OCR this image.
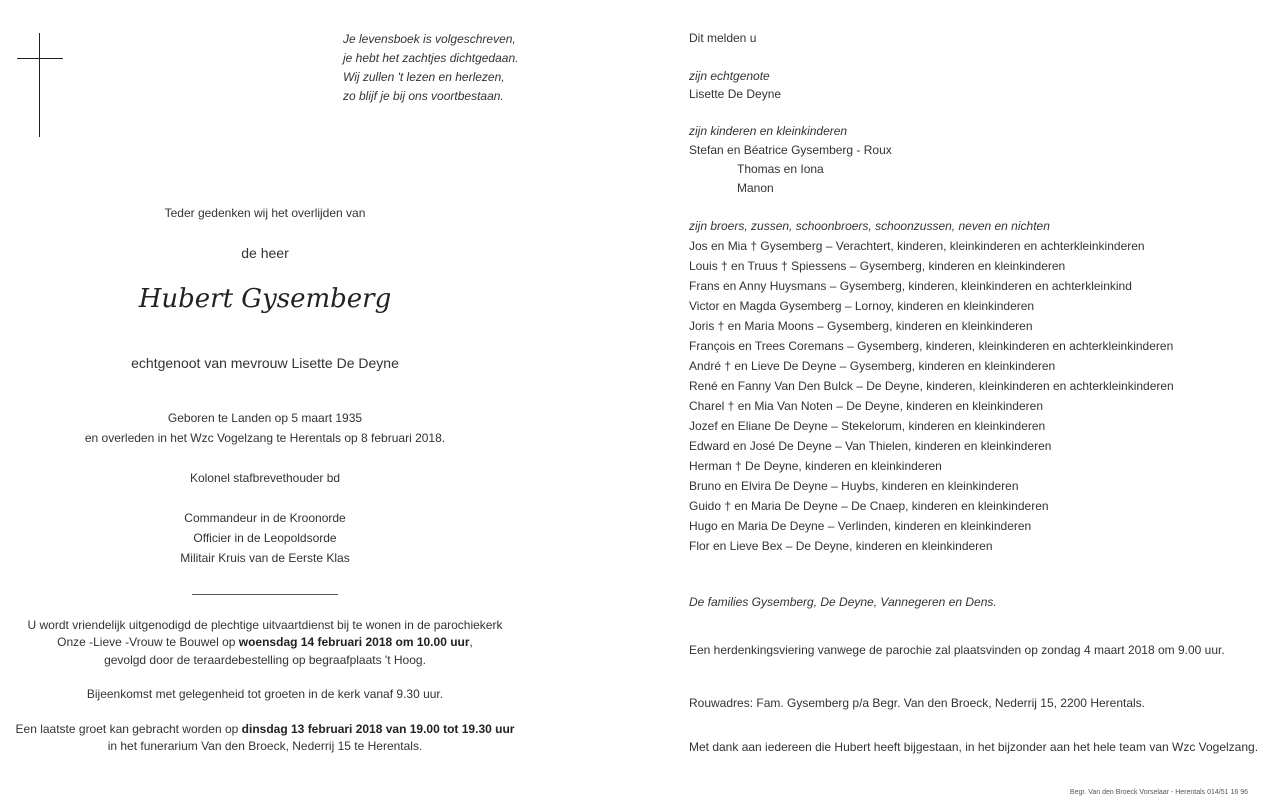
Je levensboek is volgeschreven,
je hebt het zachtjes dichtgedaan.
Wij zullen 't lezen en herlezen,
zo blijf je bij ons voortbestaan.
Teder gedenken wij het overlijden van
de heer
Hubert Gysemberg
echtgenoot van mevrouw Lisette De Deyne
Geboren te Landen op 5 maart 1935
en overleden in het Wzc Vogelzang te Herentals op 8 februari 2018.
Kolonel stafbrevethouder bd
Commandeur in de Kroonorde
Officier in de Leopoldsorde
Militair Kruis van de Eerste Klas
U wordt vriendelijk uitgenodigd de plechtige uitvaartdienst bij te wonen in de parochiekerk
Onze -Lieve -Vrouw te Bouwel op woensdag 14 februari 2018 om 10.00 uur,
gevolgd door de teraardebestelling op begraafplaats 't Hoog.
Bijeenkomst met gelegenheid tot groeten in de kerk vanaf 9.30 uur.
Een laatste groet kan gebracht worden op dinsdag 13 februari 2018 van 19.00 tot 19.30 uur
in het funerarium Van den Broeck, Nederrij 15 te Herentals.
Dit melden u
zijn echtgenote
Lisette De Deyne
zijn kinderen en kleinkinderen
Stefan en Béatrice Gysemberg - Roux
Thomas en Iona
Manon
zijn broers, zussen, schoonbroers, schoonzussen, neven en nichten
Jos en Mia † Gysemberg – Verachtert, kinderen, kleinkinderen en achterkleinkinderen
Louis † en Truus † Spiessens – Gysemberg, kinderen en kleinkinderen
Frans en Anny Huysmans – Gysemberg, kinderen, kleinkinderen en achterkleinkind
Victor en Magda Gysemberg – Lornoy, kinderen en kleinkinderen
Joris † en Maria Moons – Gysemberg, kinderen en kleinkinderen
François en Trees Coremans – Gysemberg, kinderen, kleinkinderen en achterkleinkinderen
André † en Lieve De Deyne – Gysemberg, kinderen en kleinkinderen
René en Fanny Van Den Bulck – De Deyne, kinderen, kleinkinderen en achterkleinkinderen
Charel † en Mia Van Noten – De Deyne, kinderen en kleinkinderen
Jozef en Eliane De Deyne – Stekelorum, kinderen en kleinkinderen
Edward en José De Deyne – Van Thielen, kinderen en kleinkinderen
Herman † De Deyne, kinderen en kleinkinderen
Bruno en Elvira De Deyne – Huybs, kinderen en kleinkinderen
Guido † en Maria De Deyne – De Cnaep, kinderen en kleinkinderen
Hugo en Maria De Deyne – Verlinden, kinderen en kleinkinderen
Flor en Lieve Bex – De Deyne, kinderen en kleinkinderen
De families Gysemberg, De Deyne, Vannegeren en Dens.
Een herdenkingsviering vanwege de parochie zal plaatsvinden op zondag 4 maart 2018 om 9.00 uur.
Rouwadres: Fam. Gysemberg p/a Begr. Van den Broeck, Nederrij 15, 2200 Herentals.
Met dank aan iedereen die Hubert heeft bijgestaan, in het bijzonder aan het hele team van Wzc Vogelzang.
Begr. Van den Broeck Vorselaar - Herentals 014/51 16 96
